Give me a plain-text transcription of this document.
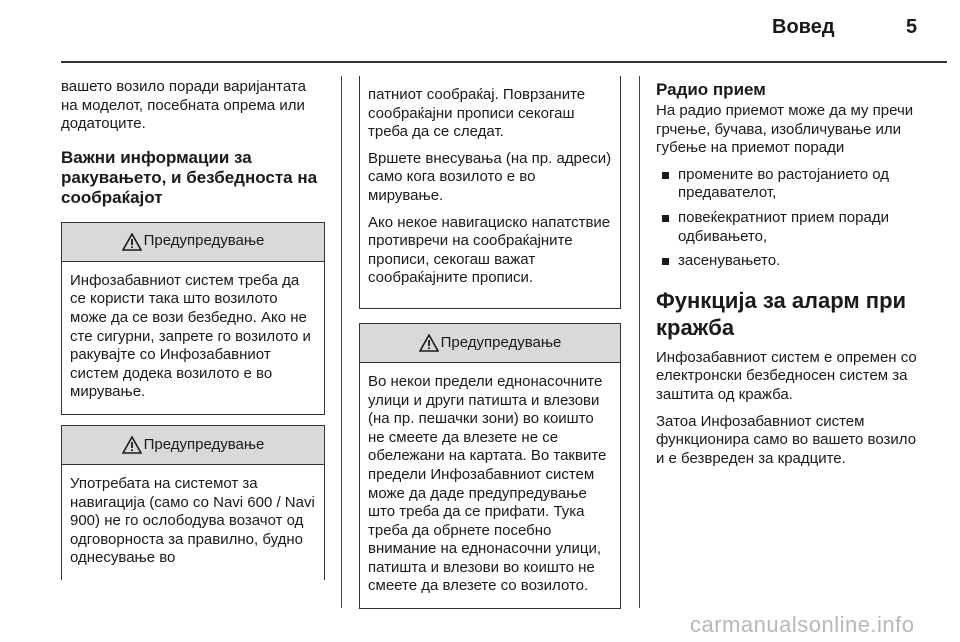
Вовед	5

вашето возило поради варијантата на моделот, посебната опрема или додатоците.

Важни информации за ракувањето, и безбедноста на сообраќајот
Предупредување

Инфозабавниот систем треба да се користи така што возилото може да се вози безбедно. Ако не сте сигурни, запрете го возилото и ракувајте со Инфозабавниот систем додека возилото е во мирување.

Предупредување

Употребата на системот за навигација (само со Navi 600 / Navi 900) не го ослободува возачот од одговорноста за правилно, будно однесување во

патниот сообраќај. Поврзаните сообраќајни прописи секогаш треба да се следат.

Вршете внесувања (на пр. адреси) само кога возилото е во мирување.

Ако некое навигациско напатствие противречи на сообраќајните прописи, секогаш важат сообраќајните прописи.

Предупредување

Во некои предели еднонасочните улици и други патишта и влезови (на пр. пешачки зони) во коишто не смеете да влезете не се обележани на картата. Во таквите предели Инфозабавниот систем може да даде предупредување што треба да се прифати. Тука треба да обрнете посебно внимание на еднонасочни улици, патишта и влезови во коишто не смеете да влезете со возилото.

Радио прием

На радио приемот може да му пречи грчење, бучава, изобличување или губење на приемот поради

промените во растојанието од предавателот,
повеќекратниот прием поради одбивањето,
засенувањето.
Функција за аларм при кражба

Инфозабавниот систем е опремен со електронски безбедносен систем за заштита од кражба.

Затоа Инфозабавниот систем функционира само во вашето возило и е безвреден за крадците.

carmanualsonline.info
